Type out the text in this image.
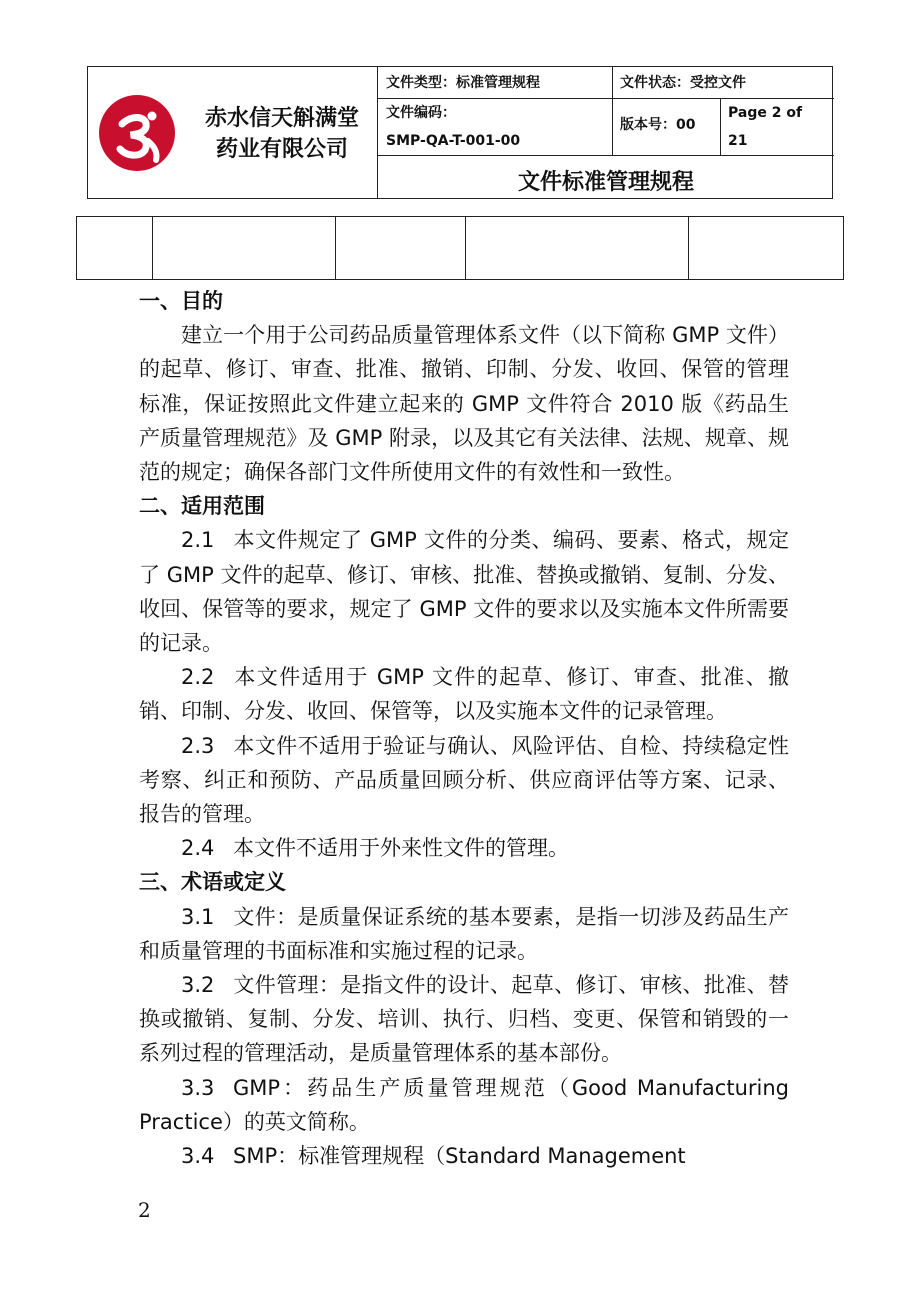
赤水信天斛满堂
药业有限公司
文件类型：标准管理规程	文件状态：受控文件
文件编码：
SMP-QA-T-001-00
版本号：00
Page 2 of
21
文件标准管理规程

一、目的

建立一个用于公司药品质量管理体系文件（以下简称 GMP 文件）的起草、修订、审查、批准、撤销、印制、分发、收回、保管的管理标准，保证按照此文件建立起来的 GMP 文件符合 2010 版《药品生产质量管理规范》及 GMP 附录，以及其它有关法律、法规、规章、规范的规定；确保各部门文件所使用文件的有效性和一致性。

二、适用范围

2.1 本文件规定了 GMP 文件的分类、编码、要素、格式，规定了 GMP 文件的起草、修订、审核、批准、替换或撤销、复制、分发、收回、保管等的要求，规定了 GMP 文件的要求以及实施本文件所需要的记录。

2.2 本文件适用于 GMP 文件的起草、修订、审查、批准、撤销、印制、分发、收回、保管等，以及实施本文件的记录管理。

2.3 本文件不适用于验证与确认、风险评估、自检、持续稳定性考察、纠正和预防、产品质量回顾分析、供应商评估等方案、记录、报告的管理。

2.4 本文件不适用于外来性文件的管理。

三、术语或定义

3.1 文件：是质量保证系统的基本要素，是指一切涉及药品生产和质量管理的书面标准和实施过程的记录。

3.2 文件管理：是指文件的设计、起草、修订、审核、批准、替换或撤销、复制、分发、培训、执行、归档、变更、保管和销毁的一系列过程的管理活动，是质量管理体系的基本部份。

3.3 GMP：药品生产质量管理规范（Good Manufacturing Practice）的英文简称。

3.4 SMP：标准管理规程（Standard Management

2
